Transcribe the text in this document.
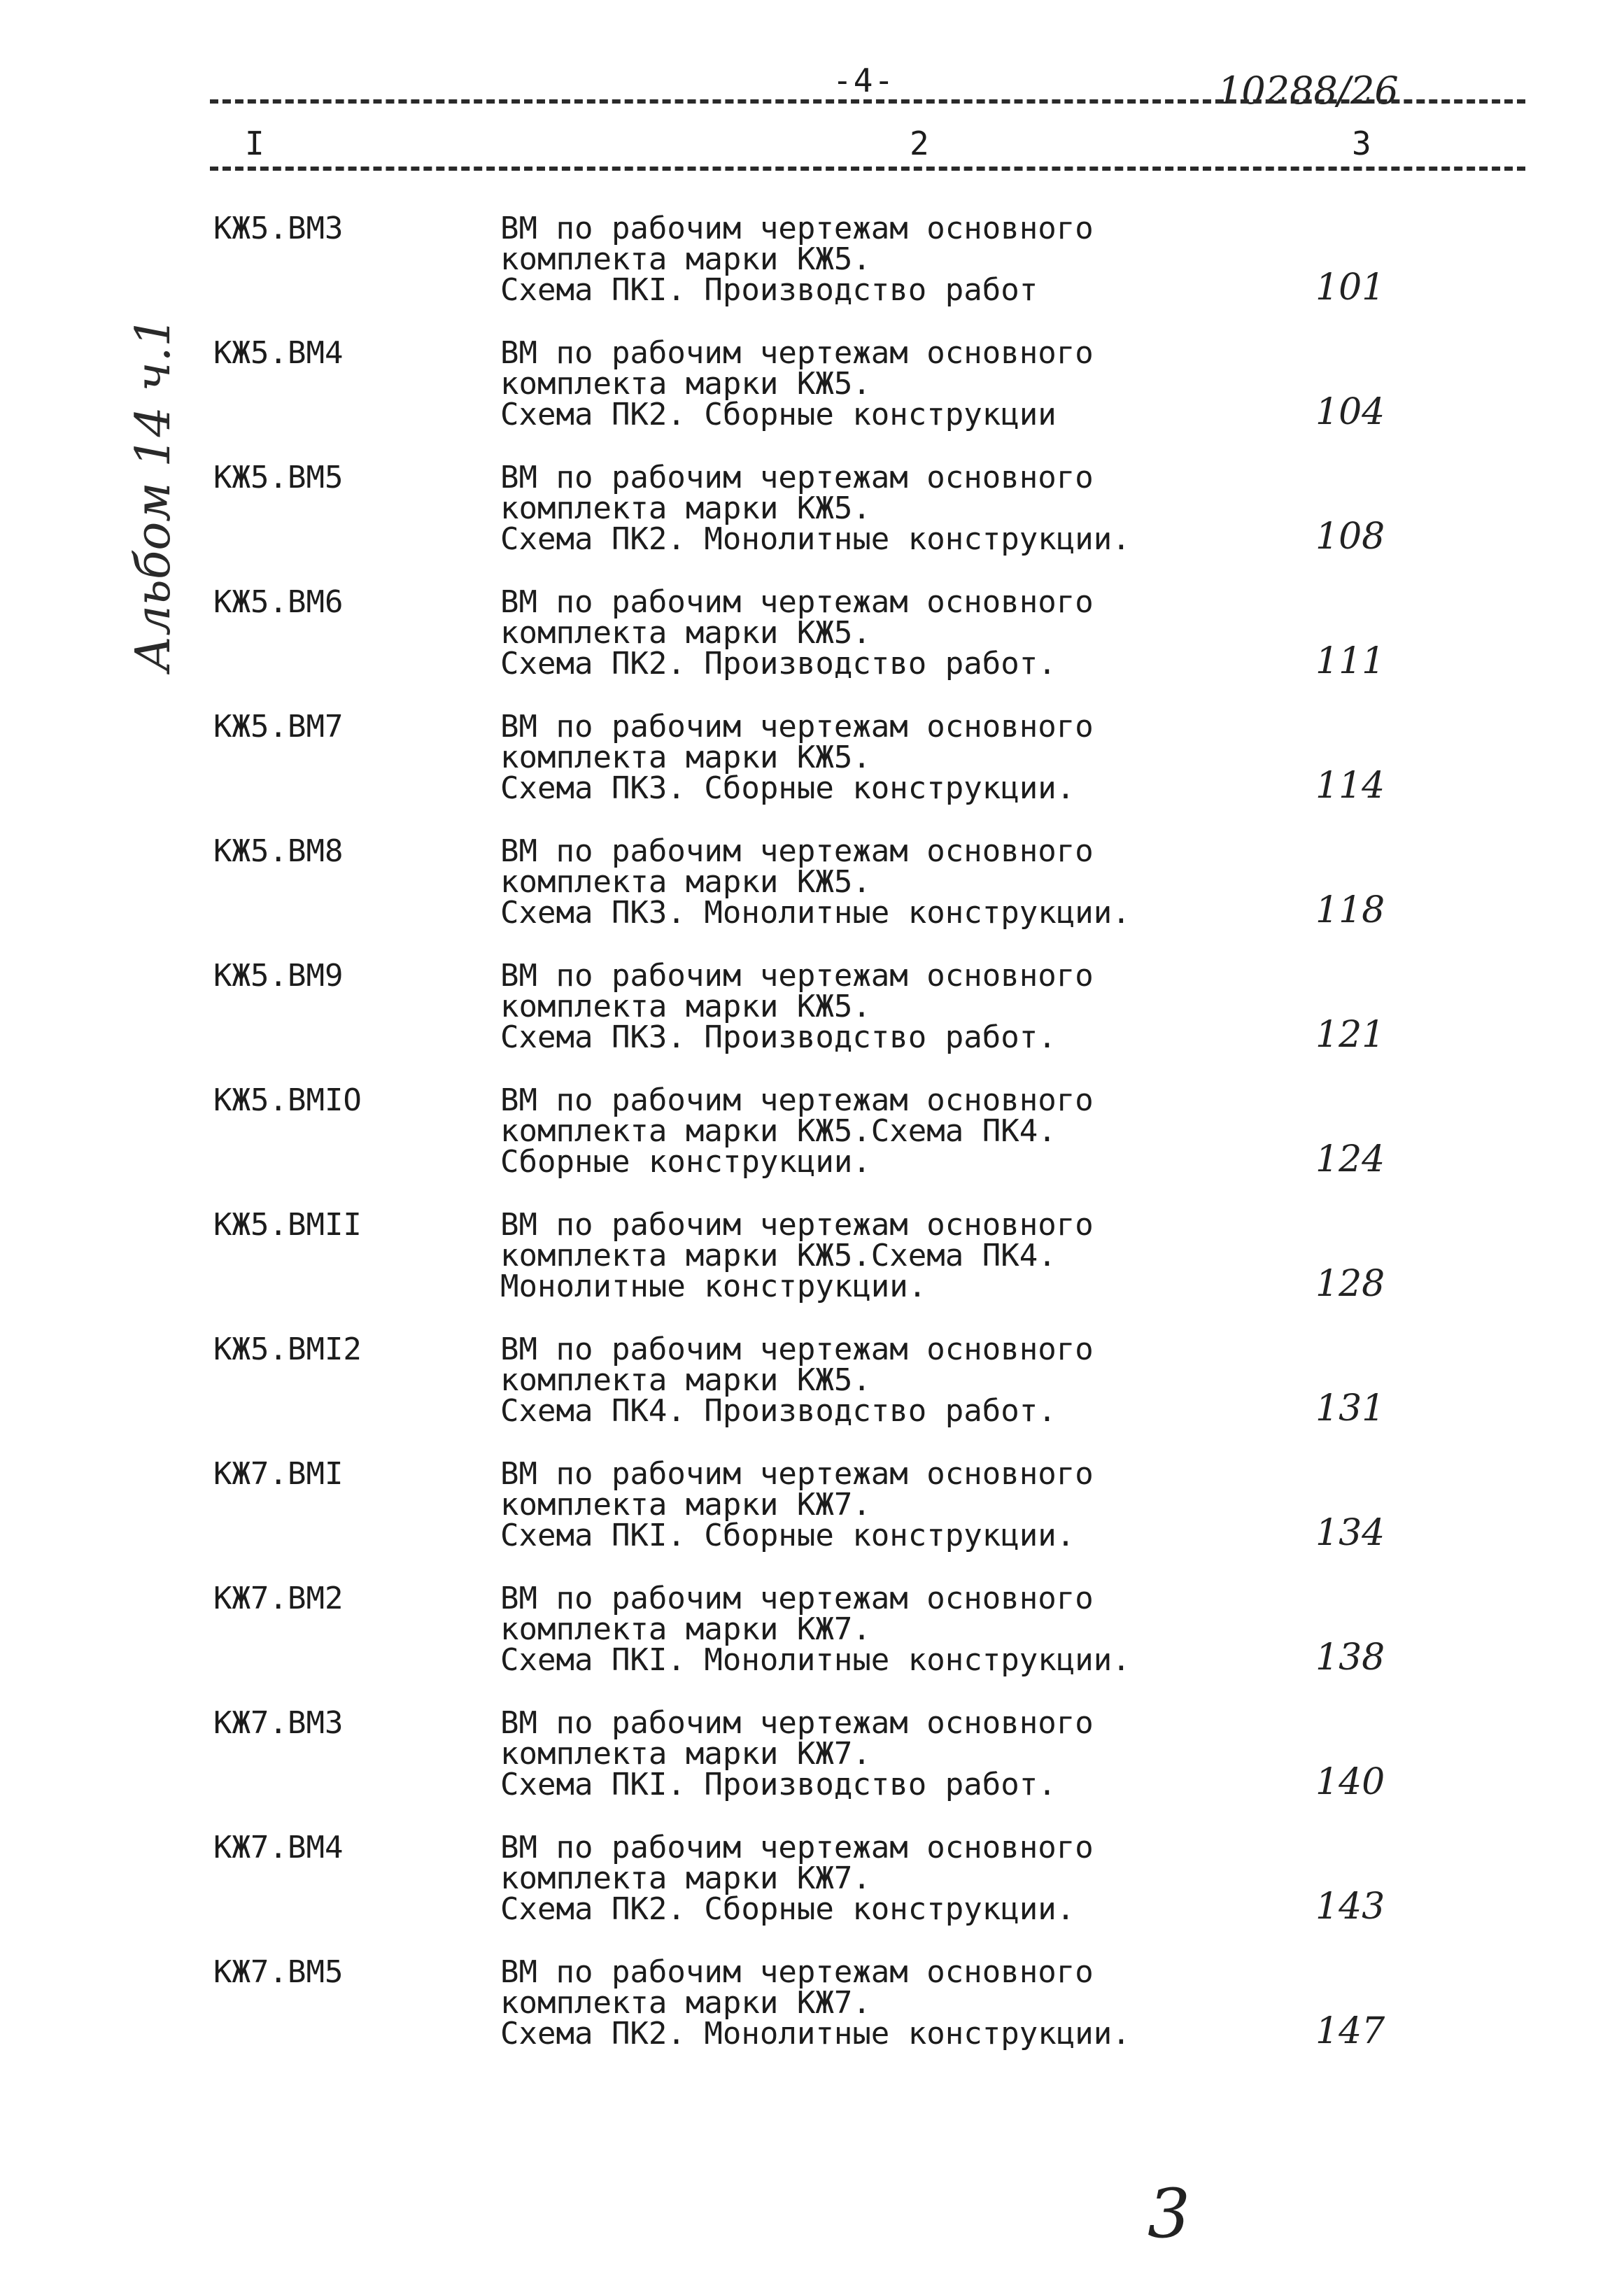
-4-	10288/26
I	2	3
Альбом 14 ч.1
КЖ5.ВМ3	ВМ по рабочим чертежам основного
комплекта марки КЖ5.
Схема ПКI. Производство работ	101
КЖ5.ВМ4	ВМ по рабочим чертежам основного
комплекта марки КЖ5.
Схема ПК2. Сборные конструкции	104
КЖ5.ВМ5	ВМ по рабочим чертежам основного
комплекта марки КЖ5.
Схема ПК2. Монолитные конструкции.	108
КЖ5.ВМ6	ВМ по рабочим чертежам основного
комплекта марки КЖ5.
Схема ПК2. Производство работ.	111
КЖ5.ВМ7	ВМ по рабочим чертежам основного
комплекта марки КЖ5.
Схема ПК3. Сборные конструкции.	114
КЖ5.ВМ8	ВМ по рабочим чертежам основного
комплекта марки КЖ5.
Схема ПК3. Монолитные конструкции.	118
КЖ5.ВМ9	ВМ по рабочим чертежам основного
комплекта марки КЖ5.
Схема ПК3. Производство работ.	121
КЖ5.ВМIО	ВМ по рабочим чертежам основного
комплекта марки КЖ5.Схема ПК4.
Сборные конструкции.	124
КЖ5.ВМII	ВМ по рабочим чертежам основного
комплекта марки КЖ5.Схема ПК4.
Монолитные конструкции.	128
КЖ5.ВМI2	ВМ по рабочим чертежам основного
комплекта марки КЖ5.
Схема ПК4. Производство работ.	131
КЖ7.ВМI	ВМ по рабочим чертежам основного
комплекта марки КЖ7.
Схема ПКI. Сборные конструкции.	134
КЖ7.ВМ2	ВМ по рабочим чертежам основного
комплекта марки КЖ7.
Схема ПКI. Монолитные конструкции.	138
КЖ7.ВМ3	ВМ по рабочим чертежам основного
комплекта марки КЖ7.
Схема ПКI. Производство работ.	140
КЖ7.ВМ4	ВМ по рабочим чертежам основного
комплекта марки КЖ7.
Схема ПК2. Сборные конструкции.	143
КЖ7.ВМ5	ВМ по рабочим чертежам основного
комплекта марки КЖ7.
Схема ПК2. Монолитные конструкции.	147
3
